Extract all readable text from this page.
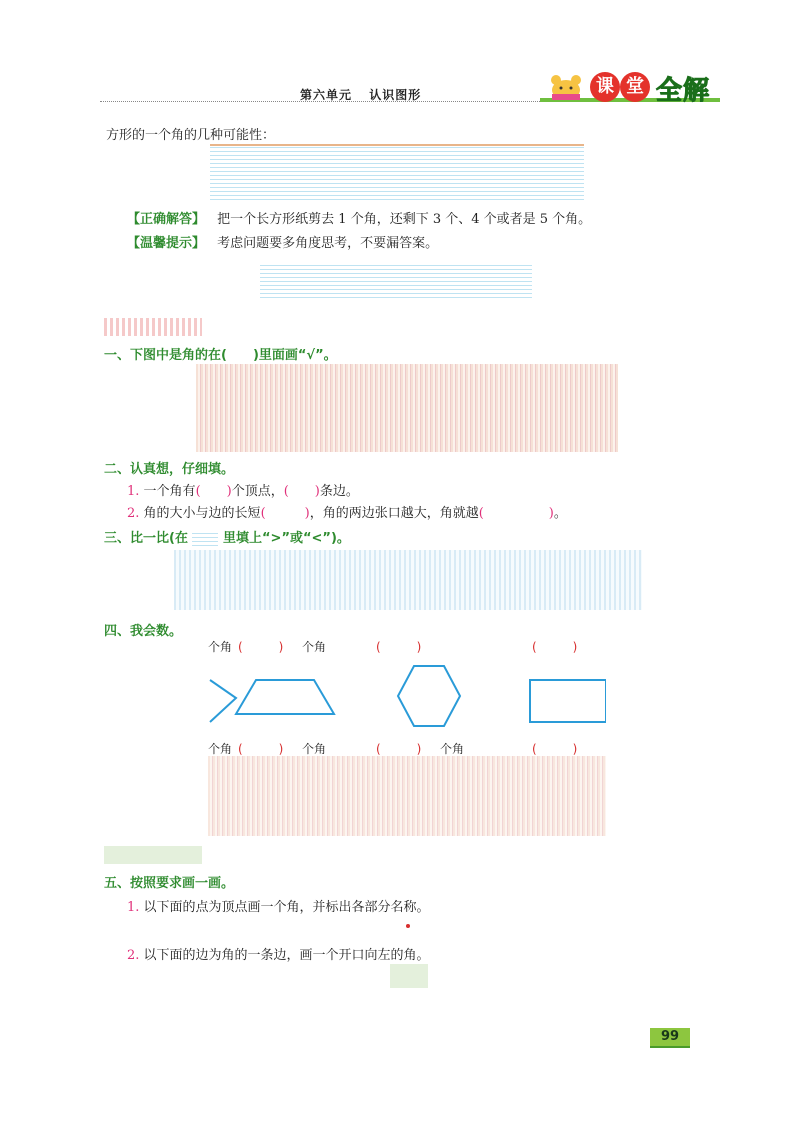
第六单元 认识图形	课 堂 全解
方形的一个角的几种可能性：
【正确解答】 把一个长方形纸剪去 1 个角，还剩下 3 个、4 个或者是 5 个角。
【温馨提示】 考虑问题要多角度思考，不要漏答案。
一、下图中是角的在(　　)里面画“√”。
二、认真想，仔细填。
1. 一个角有(　　)个顶点，(　　)条边。
2. 角的大小与边的长短(　　　)，角的两边张口越大，角就越(　　　　　)。
三、比一比(在	里填上“>”或“<”)。
四、我会数。
个角 (　　　) 个角	(　　　)	(　　　)
个角 (　　　) 个角	(　　　) 个角	(　　　)
五、按照要求画一画。
1. 以下面的点为顶点画一个角，并标出各部分名称。
2. 以下面的边为角的一条边，画一个开口向左的角。
99
